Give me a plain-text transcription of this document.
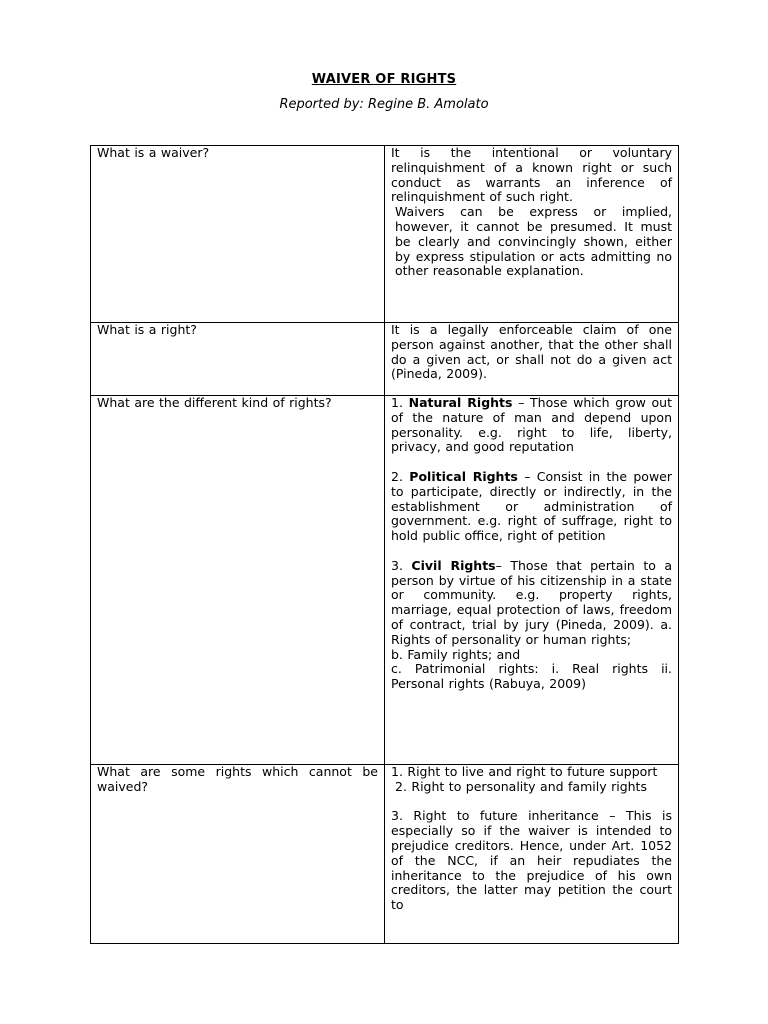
WAIVER OF RIGHTS
Reported by: Regine B. Amolato
What is a waiver?	It is the intentional or voluntary relinquishment of a known right or such conduct as warrants an inference of relinquishment of such right.

Waivers can be express or implied, however, it cannot be presumed. It must be clearly and convincingly shown, either by express stipulation or acts admitting no other reasonable explanation.

What is a right?	It is a legally enforceable claim of one person against another, that the other shall do a given act, or shall not do a given act (Pineda, 2009).

What are the different kind of rights?	1. Natural Rights – Those which grow out of the nature of man and depend upon personality. e.g. right to life, liberty, privacy, and good reputation

2. Political Rights – Consist in the power to participate, directly or indirectly, in the establishment or administration of government. e.g. right of suffrage, right to hold public office, right of petition

3. Civil Rights– Those that pertain to a person by virtue of his citizenship in a state or community. e.g. property rights, marriage, equal protection of laws, freedom of contract, trial by jury (Pineda, 2009). a. Rights of personality or human rights;

b. Family rights; and

c. Patrimonial rights: i. Real rights ii. Personal rights (Rabuya, 2009)

What are some rights which cannot be waived?	1. Right to live and right to future support

2. Right to personality and family rights

3. Right to future inheritance – This is especially so if the waiver is intended to prejudice creditors. Hence, under Art. 1052 of the NCC, if an heir repudiates the inheritance to the prejudice of his own creditors, the latter may petition the court to
